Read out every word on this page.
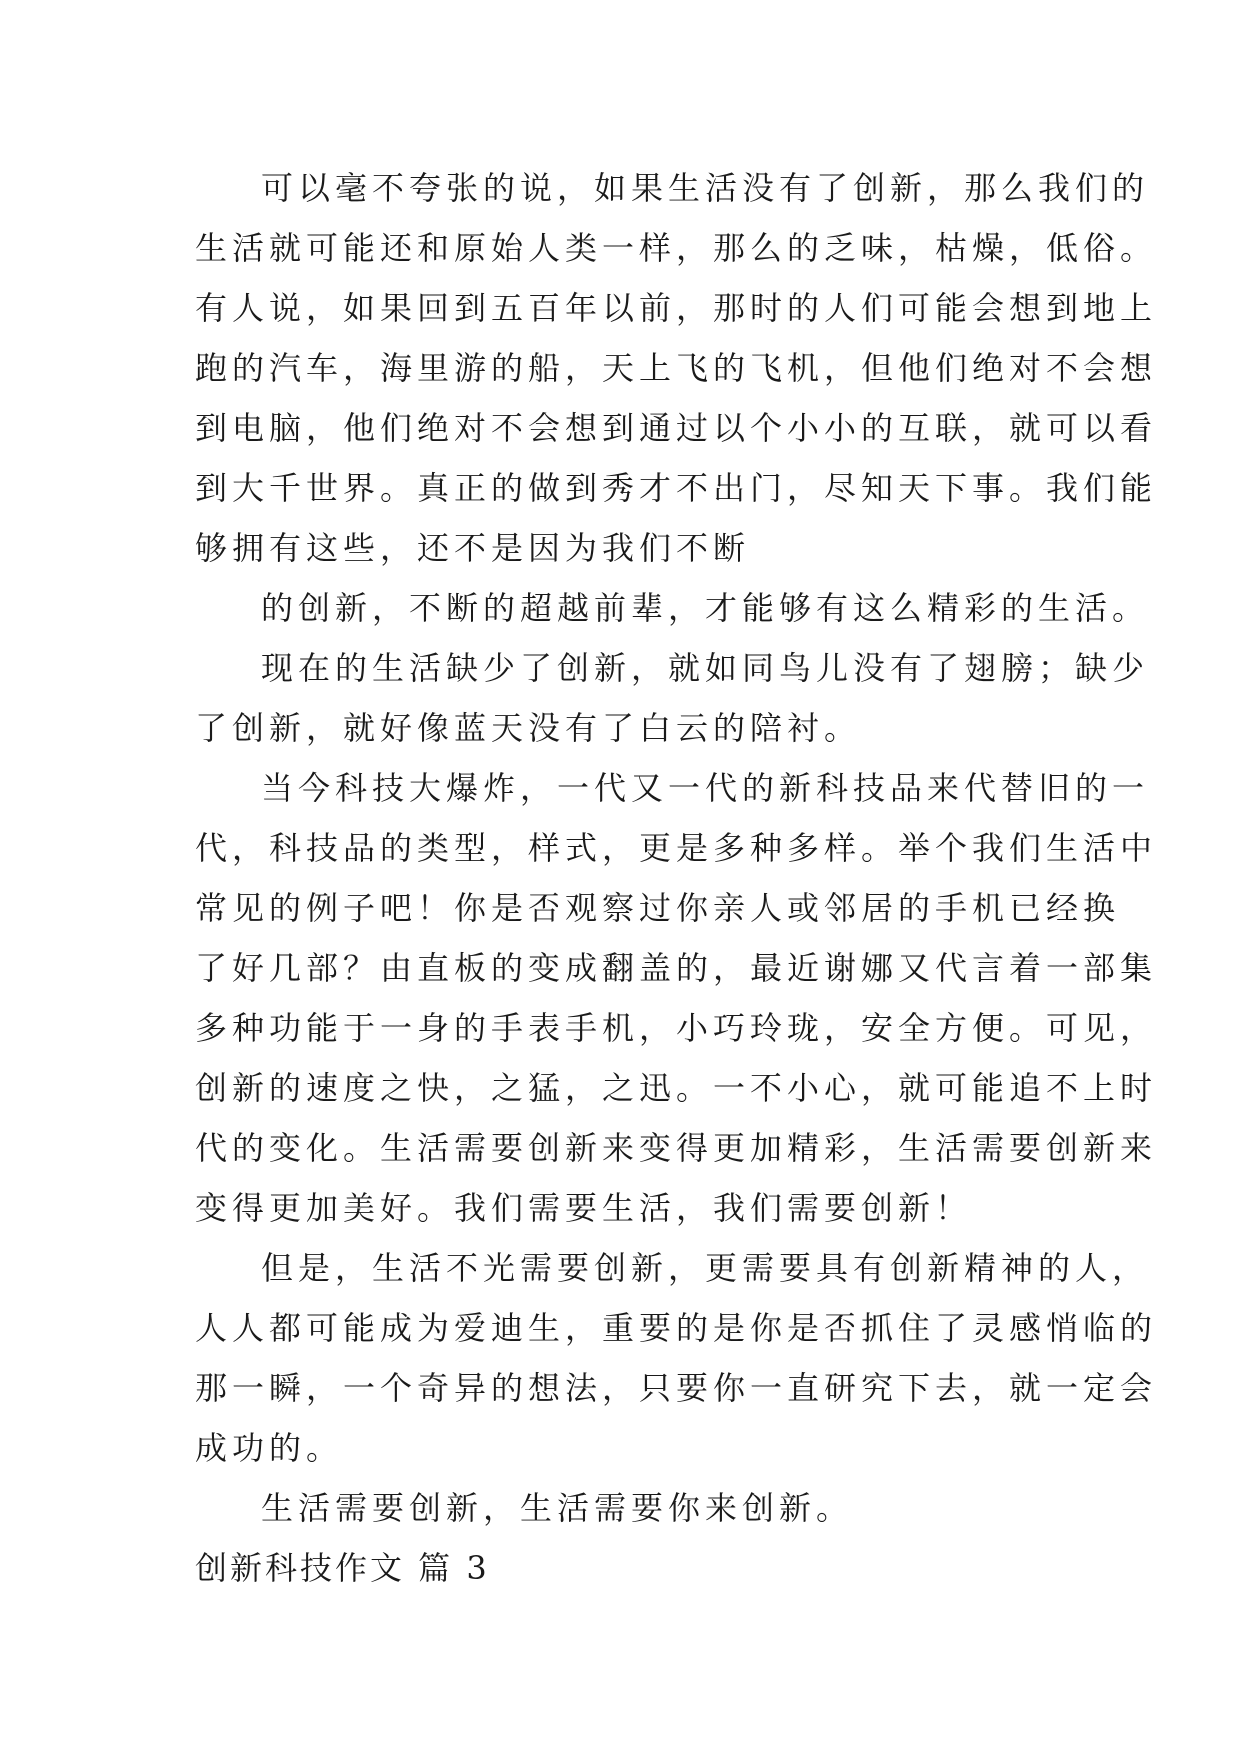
可以毫不夸张的说，如果生活没有了创新，那么我们的
生活就可能还和原始人类一样，那么的乏味，枯燥，低俗。
有人说，如果回到五百年以前，那时的人们可能会想到地上
跑的汽车，海里游的船，天上飞的飞机，但他们绝对不会想
到电脑，他们绝对不会想到通过以个小小的互联，就可以看
到大千世界。真正的做到秀才不出门，尽知天下事。我们能
够拥有这些，还不是因为我们不断
的创新，不断的超越前辈，才能够有这么精彩的生活。
现在的生活缺少了创新，就如同鸟儿没有了翅膀；缺少
了创新，就好像蓝天没有了白云的陪衬。
当今科技大爆炸，一代又一代的新科技品来代替旧的一
代，科技品的类型，样式，更是多种多样。举个我们生活中
常见的例子吧！你是否观察过你亲人或邻居的手机已经换
了好几部？由直板的变成翻盖的，最近谢娜又代言着一部集
多种功能于一身的手表手机，小巧玲珑，安全方便。可见，
创新的速度之快，之猛，之迅。一不小心，就可能追不上时
代的变化。生活需要创新来变得更加精彩，生活需要创新来
变得更加美好。我们需要生活，我们需要创新！
但是，生活不光需要创新，更需要具有创新精神的人，
人人都可能成为爱迪生，重要的是你是否抓住了灵感悄临的
那一瞬，一个奇异的想法，只要你一直研究下去，就一定会
成功的。
生活需要创新，生活需要你来创新。
创新科技作文 篇 3
